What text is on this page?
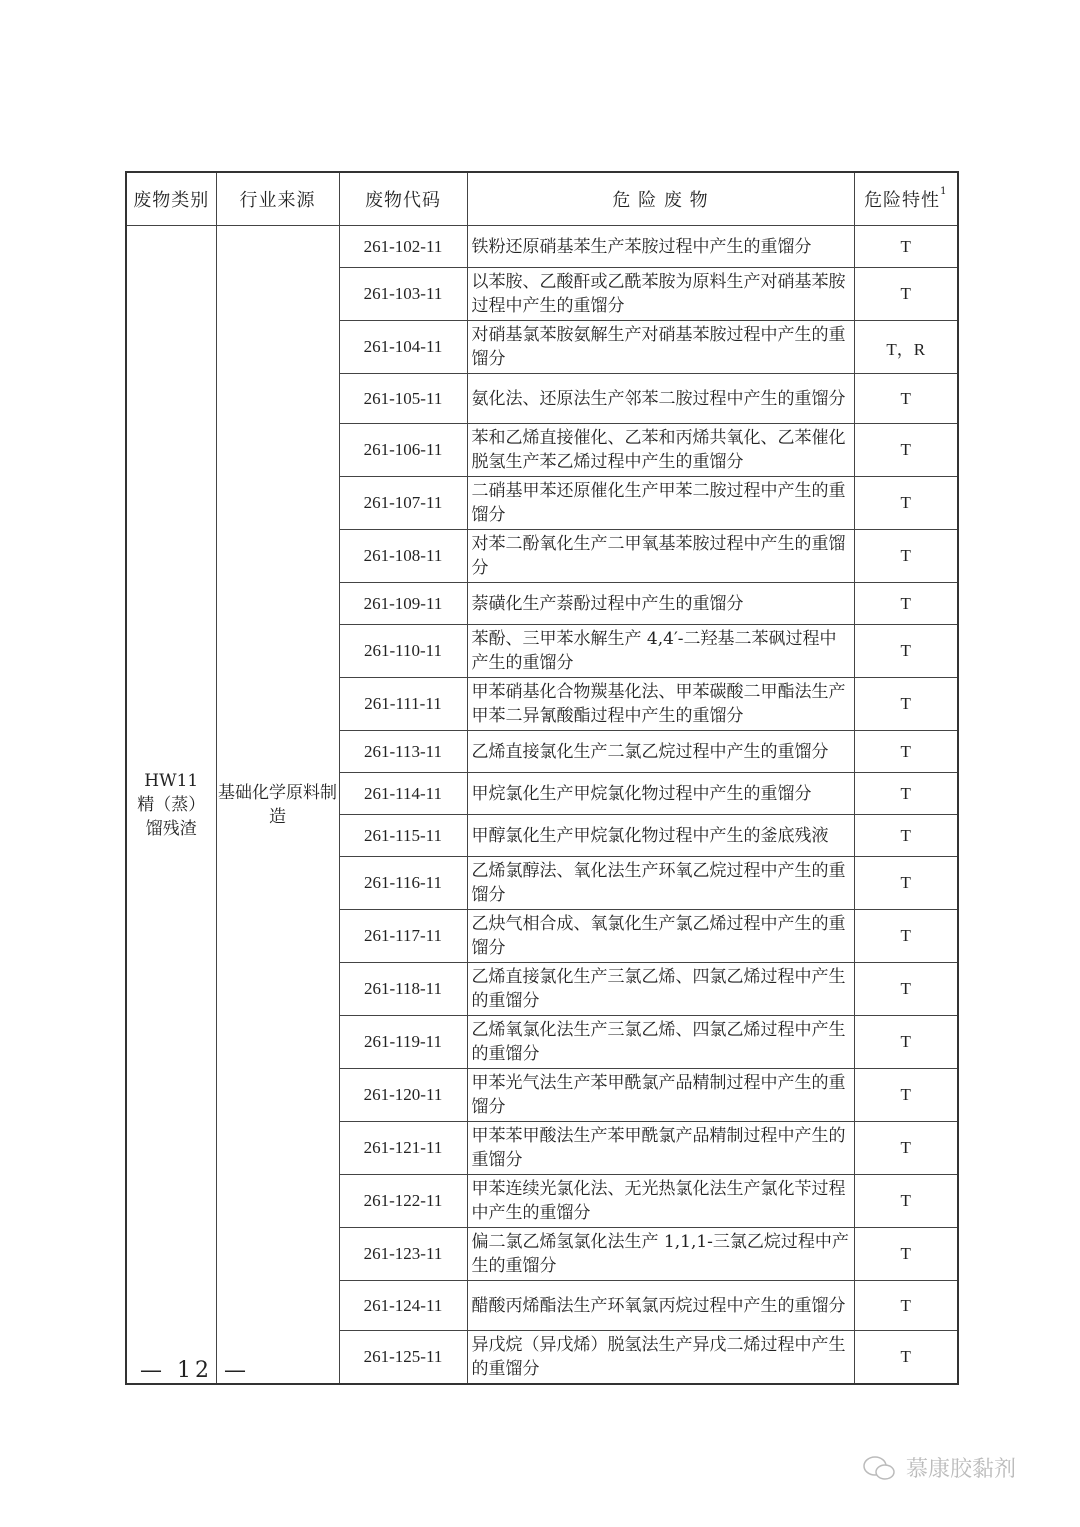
废物类别	行业来源	废物代码	危 险 废 物	危险特性$^1$

HW11
精（蒸）
馏残渣	基础化学原料制造	261-102-11	铁粉还原硝基苯生产苯胺过程中产生的重馏分	T
		261-103-11	以苯胺、乙酸酐或乙酰苯胺为原料生产对硝基苯胺过程中产生的重馏分	T
		261-104-11	对硝基氯苯胺氨解生产对硝基苯胺过程中产生的重馏分	T，R
		261-105-11	氨化法、还原法生产邻苯二胺过程中产生的重馏分	T
		261-106-11	苯和乙烯直接催化、乙苯和丙烯共氧化、乙苯催化脱氢生产苯乙烯过程中产生的重馏分	T
		261-107-11	二硝基甲苯还原催化生产甲苯二胺过程中产生的重馏分	T
		261-108-11	对苯二酚氧化生产二甲氧基苯胺过程中产生的重馏分	T
		261-109-11	萘磺化生产萘酚过程中产生的重馏分	T
		261-110-11	苯酚、三甲苯水解生产 4,4′-二羟基二苯砜过程中产生的重馏分	T
		261-111-11	甲苯硝基化合物羰基化法、甲苯碳酸二甲酯法生产甲苯二异氰酸酯过程中产生的重馏分	T
		261-113-11	乙烯直接氯化生产二氯乙烷过程中产生的重馏分	T
		261-114-11	甲烷氯化生产甲烷氯化物过程中产生的重馏分	T
		261-115-11	甲醇氯化生产甲烷氯化物过程中产生的釜底残液	T
		261-116-11	乙烯氯醇法、氧化法生产环氧乙烷过程中产生的重馏分	T
		261-117-11	乙炔气相合成、氧氯化生产氯乙烯过程中产生的重馏分	T
		261-118-11	乙烯直接氯化生产三氯乙烯、四氯乙烯过程中产生的重馏分	T
		261-119-11	乙烯氧氯化法生产三氯乙烯、四氯乙烯过程中产生的重馏分	T
		261-120-11	甲苯光气法生产苯甲酰氯产品精制过程中产生的重馏分	T
		261-121-11	甲苯苯甲酸法生产苯甲酰氯产品精制过程中产生的重馏分	T
		261-122-11	甲苯连续光氯化法、无光热氯化法生产氯化苄过程中产生的重馏分	T
		261-123-11	偏二氯乙烯氢氯化法生产 1,1,1-三氯乙烷过程中产生的重馏分	T
		261-124-11	醋酸丙烯酯法生产环氧氯丙烷过程中产生的重馏分	T
		261-125-11	异戊烷（异戊烯）脱氢法生产异戊二烯过程中产生的重馏分	T
— 12 —
慕康胶黏剂
